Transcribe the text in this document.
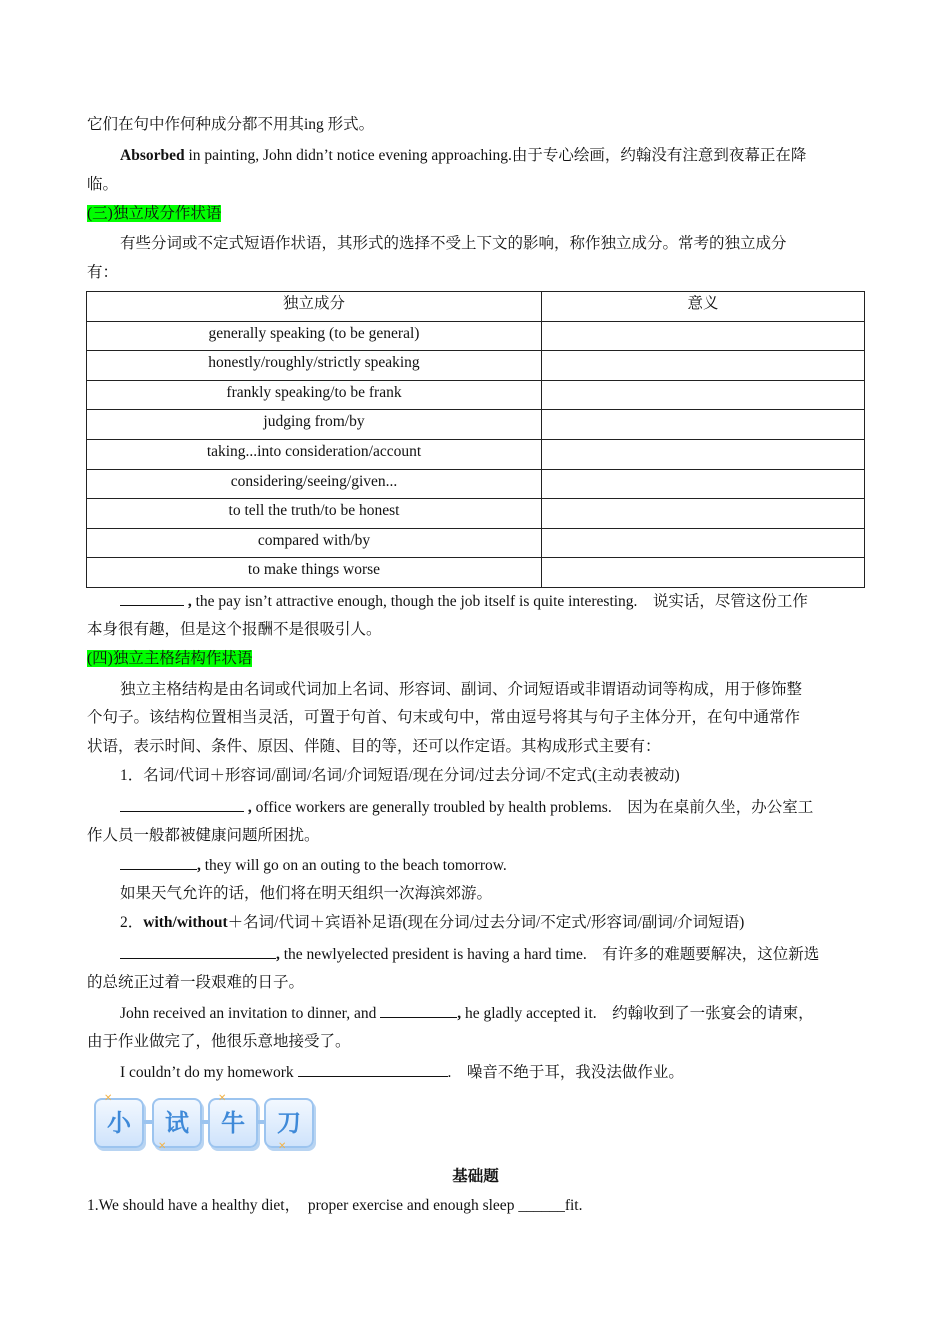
它们在句中作何种成分都不用其ing 形式。
Absorbed in painting, John didn’t notice evening approaching.由于专心绘画，约翰没有注意到夜幕正在降
临。
(三)独立成分作状语
有些分词或不定式短语作状语，其形式的选择不受上下文的影响，称作独立成分。常考的独立成分
有：
独立成分	意义
generally speaking (to be general)	
honestly/roughly/strictly speaking	
frankly speaking/to be frank	
judging from/by	
taking...into consideration/account	
considering/seeing/given...	
to tell the truth/to be honest	
compared with/by	
to make things worse	
, the pay isn’t attractive enough, though the job itself is quite interesting.    说实话，尽管这份工作
本身很有趣，但是这个报酬不是很吸引人。
(四)独立主格结构作状语
独立主格结构是由名词或代词加上名词、形容词、副词、介词短语或非谓语动词等构成，用于修饰整
个句子。该结构位置相当灵活，可置于句首、句末或句中，常由逗号将其与句子主体分开，在句中通常作
状语，表示时间、条件、原因、伴随、目的等，还可以作定语。其构成形式主要有：
1．名词/代词＋形容词/副词/名词/介词短语/现在分词/过去分词/不定式(主动表被动)
, office workers are generally troubled by health problems.    因为在桌前久坐，办公室工
作人员一般都被健康问题所困扰。
, they will go on an outing to the beach tomorrow.
如果天气允许的话，他们将在明天组织一次海滨郊游。
2．with/without＋名词/代词＋宾语补足语(现在分词/过去分词/不定式/形容词/副词/介词短语)
, the newlyelected president is having a hard time.    有许多的难题要解决，这位新选
的总统正过着一段艰难的日子。
John received an invitation to dinner, and	, he gladly accepted it.    约翰收到了一张宴会的请柬，
由于作业做完了，他很乐意地接受了。
I couldn’t do my homework	.    噪音不绝于耳，我没法做作业。
小	试	牛	刀
✕
✕
✕
✕
基础题
1.We should have a healthy diet，  proper exercise and enough sleep ______fit.
